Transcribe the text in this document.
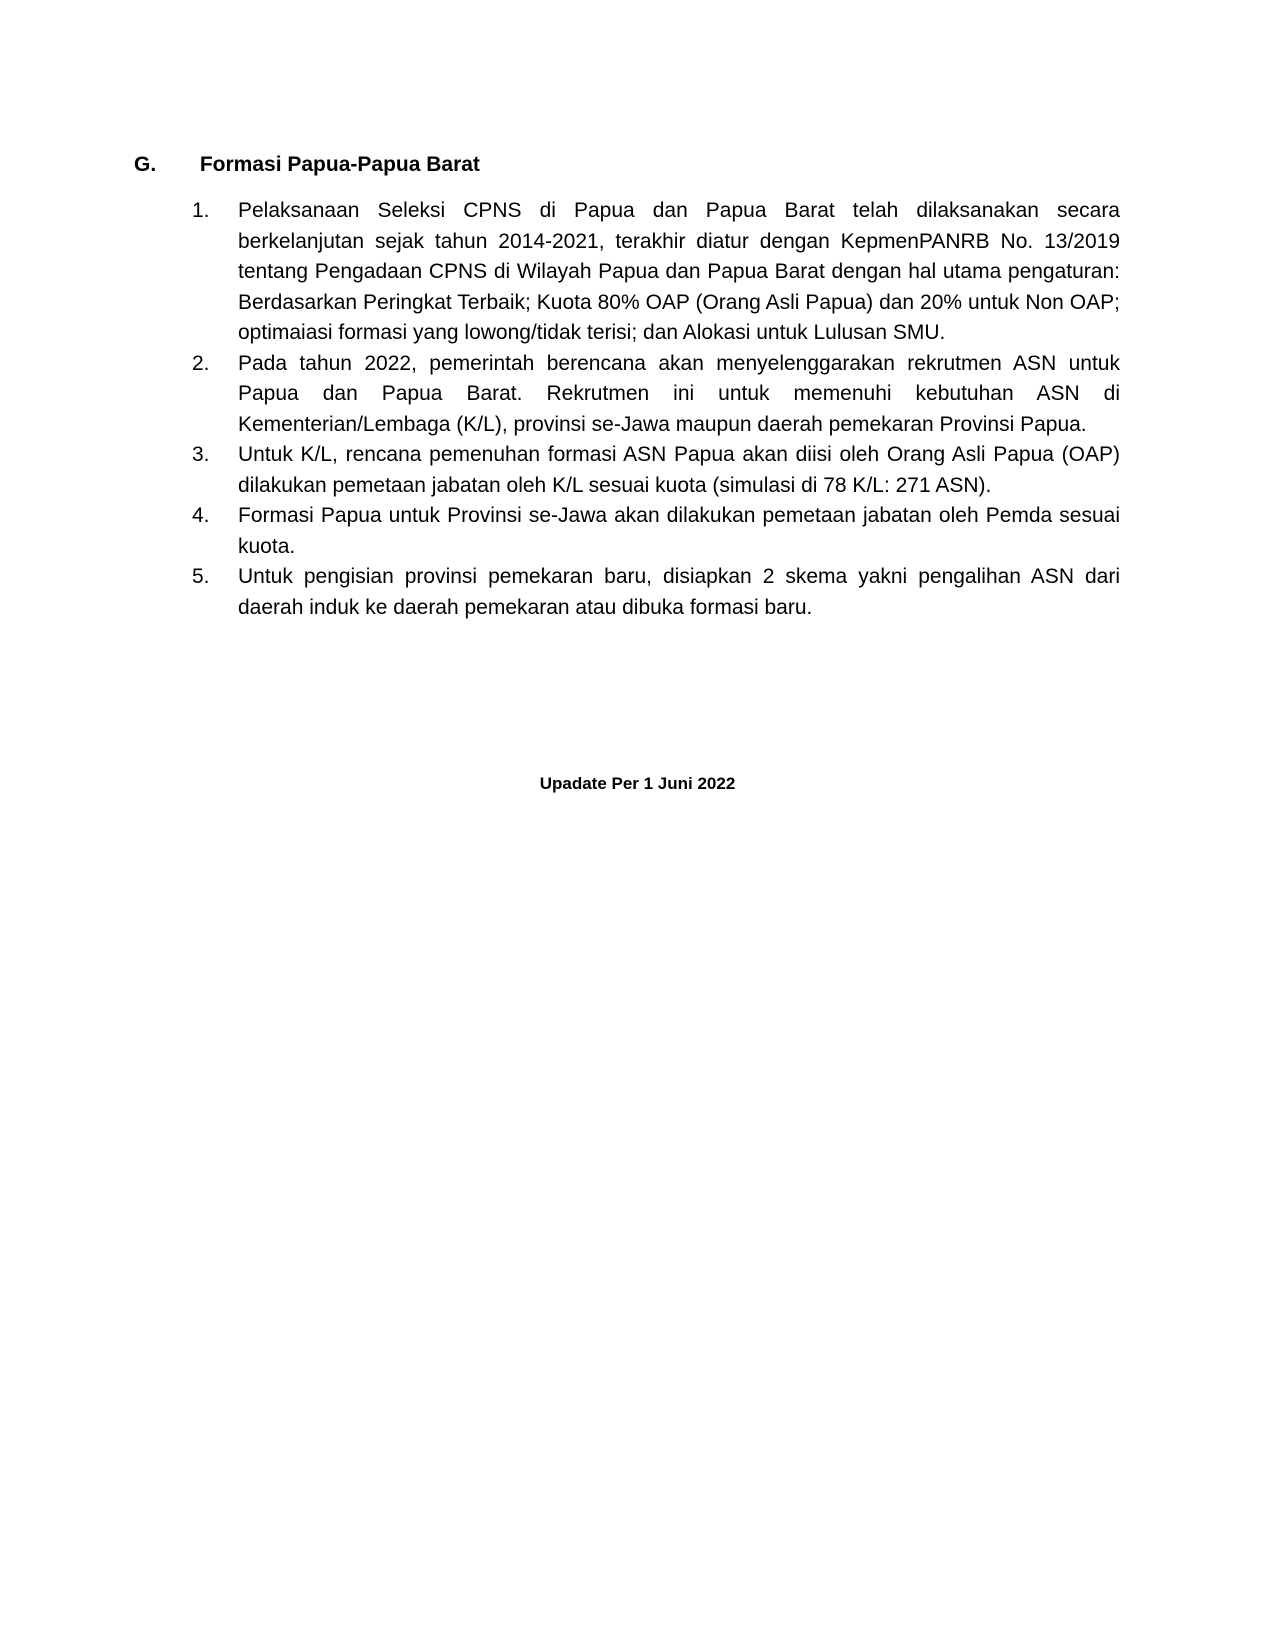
G. Formasi Papua-Papua Barat
1. Pelaksanaan Seleksi CPNS di Papua dan Papua Barat telah dilaksanakan secara berkelanjutan sejak tahun 2014-2021, terakhir diatur dengan KepmenPANRB No. 13/2019 tentang Pengadaan CPNS di Wilayah Papua dan Papua Barat dengan hal utama pengaturan: Berdasarkan Peringkat Terbaik; Kuota 80% OAP (Orang Asli Papua) dan 20% untuk Non OAP; optimaiasi formasi yang lowong/tidak terisi; dan Alokasi untuk Lulusan SMU.
2. Pada tahun 2022, pemerintah berencana akan menyelenggarakan rekrutmen ASN untuk Papua dan Papua Barat. Rekrutmen ini untuk memenuhi kebutuhan ASN di Kementerian/Lembaga (K/L), provinsi se-Jawa maupun daerah pemekaran Provinsi Papua.
3. Untuk K/L, rencana pemenuhan formasi ASN Papua akan diisi oleh Orang Asli Papua (OAP) dilakukan pemetaan jabatan oleh K/L sesuai kuota (simulasi di 78 K/L: 271 ASN).
4. Formasi Papua untuk Provinsi se-Jawa akan dilakukan pemetaan jabatan oleh Pemda sesuai kuota.
5. Untuk pengisian provinsi pemekaran baru, disiapkan 2 skema yakni pengalihan ASN dari daerah induk ke daerah pemekaran atau dibuka formasi baru.
Upadate Per 1 Juni 2022
